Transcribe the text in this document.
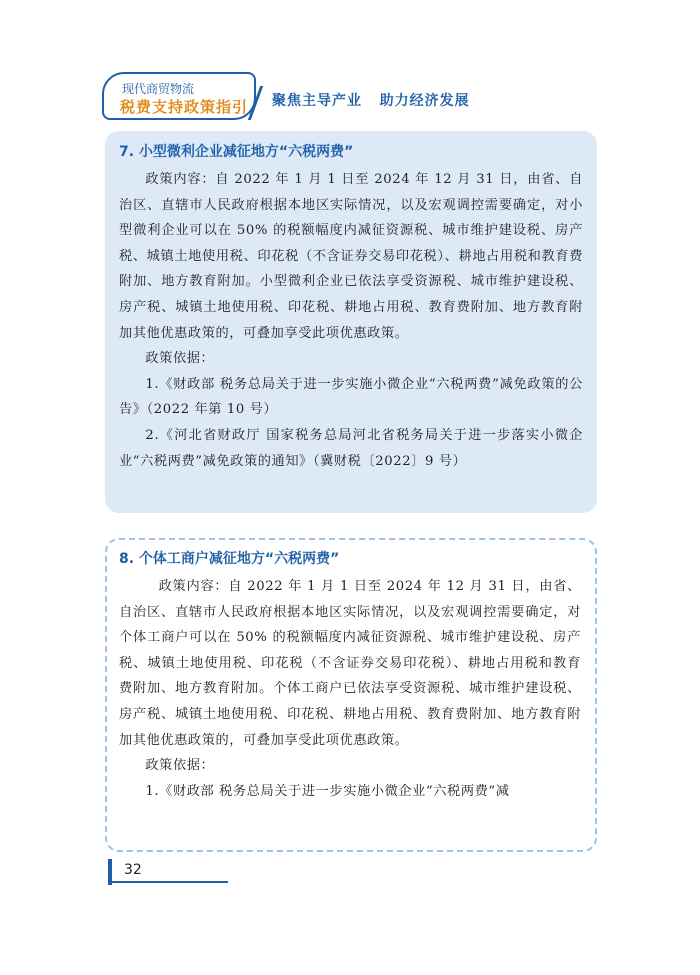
现代商贸物流
税费支持政策指引 聚焦主导产业   助力经济发展
7. 小型微利企业减征地方“六税两费”

政策内容：自 2022 年 1 月 1 日至 2024 年 12 月 31 日，由省、自治区、直辖市人民政府根据本地区实际情况，以及宏观调控需要确定，对小型微利企业可以在 50% 的税额幅度内减征资源税、城市维护建设税、房产税、城镇土地使用税、印花税（不含证券交易印花税）、耕地占用税和教育费附加、地方教育附加。小型微利企业已依法享受资源税、城市维护建设税、房产税、城镇土地使用税、印花税、耕地占用税、教育费附加、地方教育附加其他优惠政策的，可叠加享受此项优惠政策。

政策依据：

1.《财政部 税务总局关于进一步实施小微企业“六税两费”减免政策的公告》（2022 年第 10 号）

2.《河北省财政厅 国家税务总局河北省税务局关于进一步落实小微企业“六税两费”减免政策的通知》（冀财税〔2022〕9 号）

8. 个体工商户减征地方“六税两费”

政策内容：自 2022 年 1 月 1 日至 2024 年 12 月 31 日，由省、自治区、直辖市人民政府根据本地区实际情况，以及宏观调控需要确定，对个体工商户可以在 50% 的税额幅度内减征资源税、城市维护建设税、房产税、城镇土地使用税、印花税（不含证券交易印花税）、耕地占用税和教育费附加、地方教育附加。个体工商户已依法享受资源税、城市维护建设税、房产税、城镇土地使用税、印花税、耕地占用税、教育费附加、地方教育附加其他优惠政策的，可叠加享受此项优惠政策。

政策依据：

1.《财政部 税务总局关于进一步实施小微企业“六税两费”减

32
